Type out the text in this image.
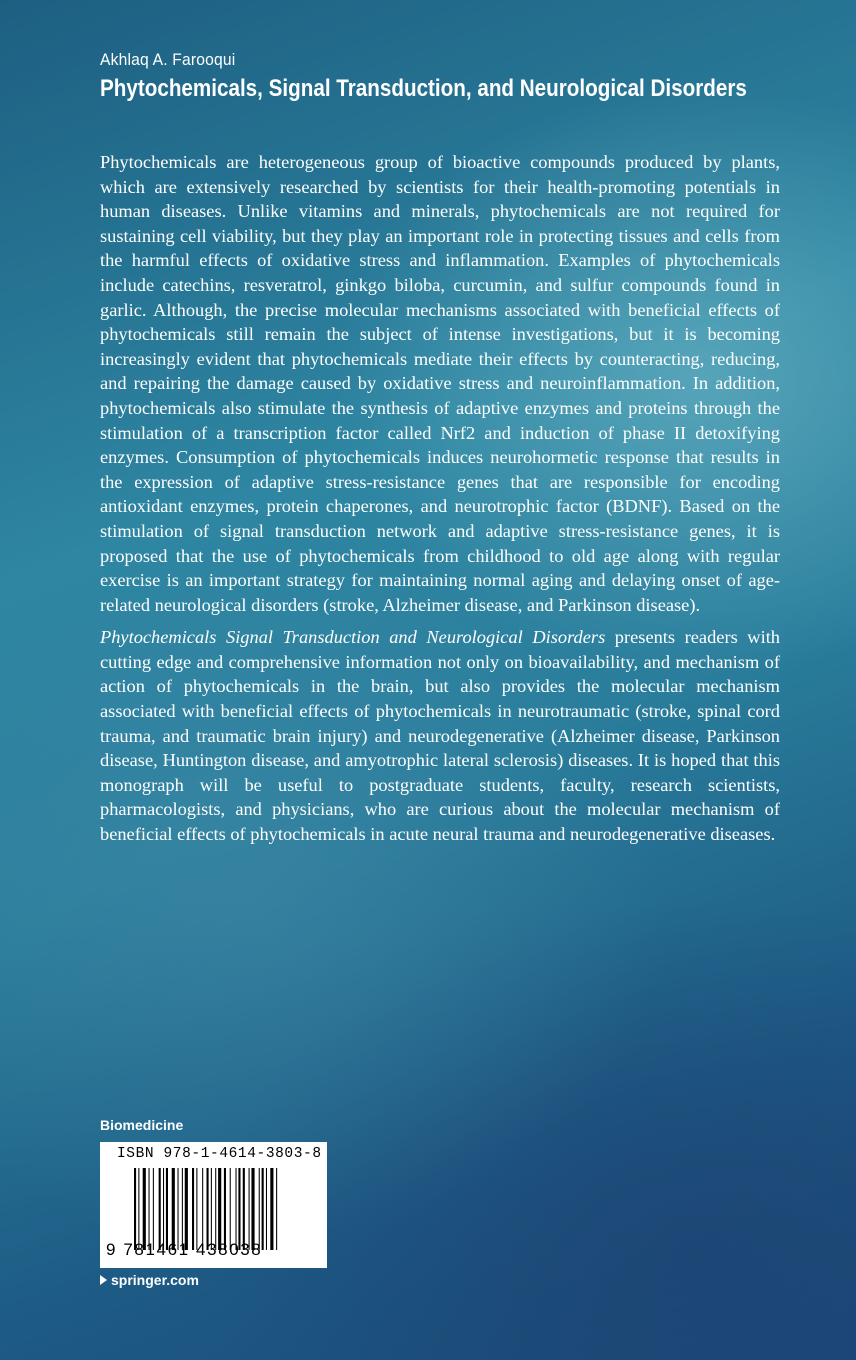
Akhlaq A. Farooqui
Phytochemicals, Signal Transduction, and Neurological Disorders

Phytochemicals are heterogeneous group of bioactive compounds produced by plants, which are extensively researched by scientists for their health-promoting potentials in human diseases. Unlike vitamins and minerals, phytochemicals are not required for sustaining cell viability, but they play an important role in protecting tissues and cells from the harmful effects of oxidative stress and inflammation. Examples of phytochemicals include catechins, resveratrol, ginkgo biloba, curcumin, and sulfur compounds found in garlic. Although, the precise molecular mechanisms associated with beneficial effects of phytochemicals still remain the subject of intense investigations, but it is becoming increasingly evident that phytochemicals mediate their effects by counteracting, reducing, and repairing the damage caused by oxidative stress and neuroinflammation. In addition, phytochemicals also stimulate the synthesis of adaptive enzymes and proteins through the stimulation of a transcription factor called Nrf2 and induction of phase II detoxifying enzymes. Consumption of phytochemicals induces neurohormetic response that results in the expression of adaptive stress-resistance genes that are responsible for encoding antioxidant enzymes, protein chaperones, and neurotrophic factor (BDNF). Based on the stimulation of signal transduction network and adaptive stress-resistance genes, it is proposed that the use of phytochemicals from childhood to old age along with regular exercise is an important strategy for maintaining normal aging and delaying onset of age-related neurological disorders (stroke, Alzheimer disease, and Parkinson disease).

Phytochemicals Signal Transduction and Neurological Disorders presents readers with cutting edge and comprehensive information not only on bioavailability, and mechanism of action of phytochemicals in the brain, but also provides the molecular mechanism associated with beneficial effects of phytochemicals in neurotraumatic (stroke, spinal cord trauma, and traumatic brain injury) and neurodegenerative (Alzheimer disease, Parkinson disease, Huntington disease, and amyotrophic lateral sclerosis) diseases. It is hoped that this monograph will be useful to postgraduate students, faculty, research scientists, pharmacologists, and physicians, who are curious about the molecular mechanism of beneficial effects of phytochemicals in acute neural trauma and neurodegenerative diseases.

Biomedicine
ISBN 978-1-4614-3803-8
9 781461 438038
springer.com
